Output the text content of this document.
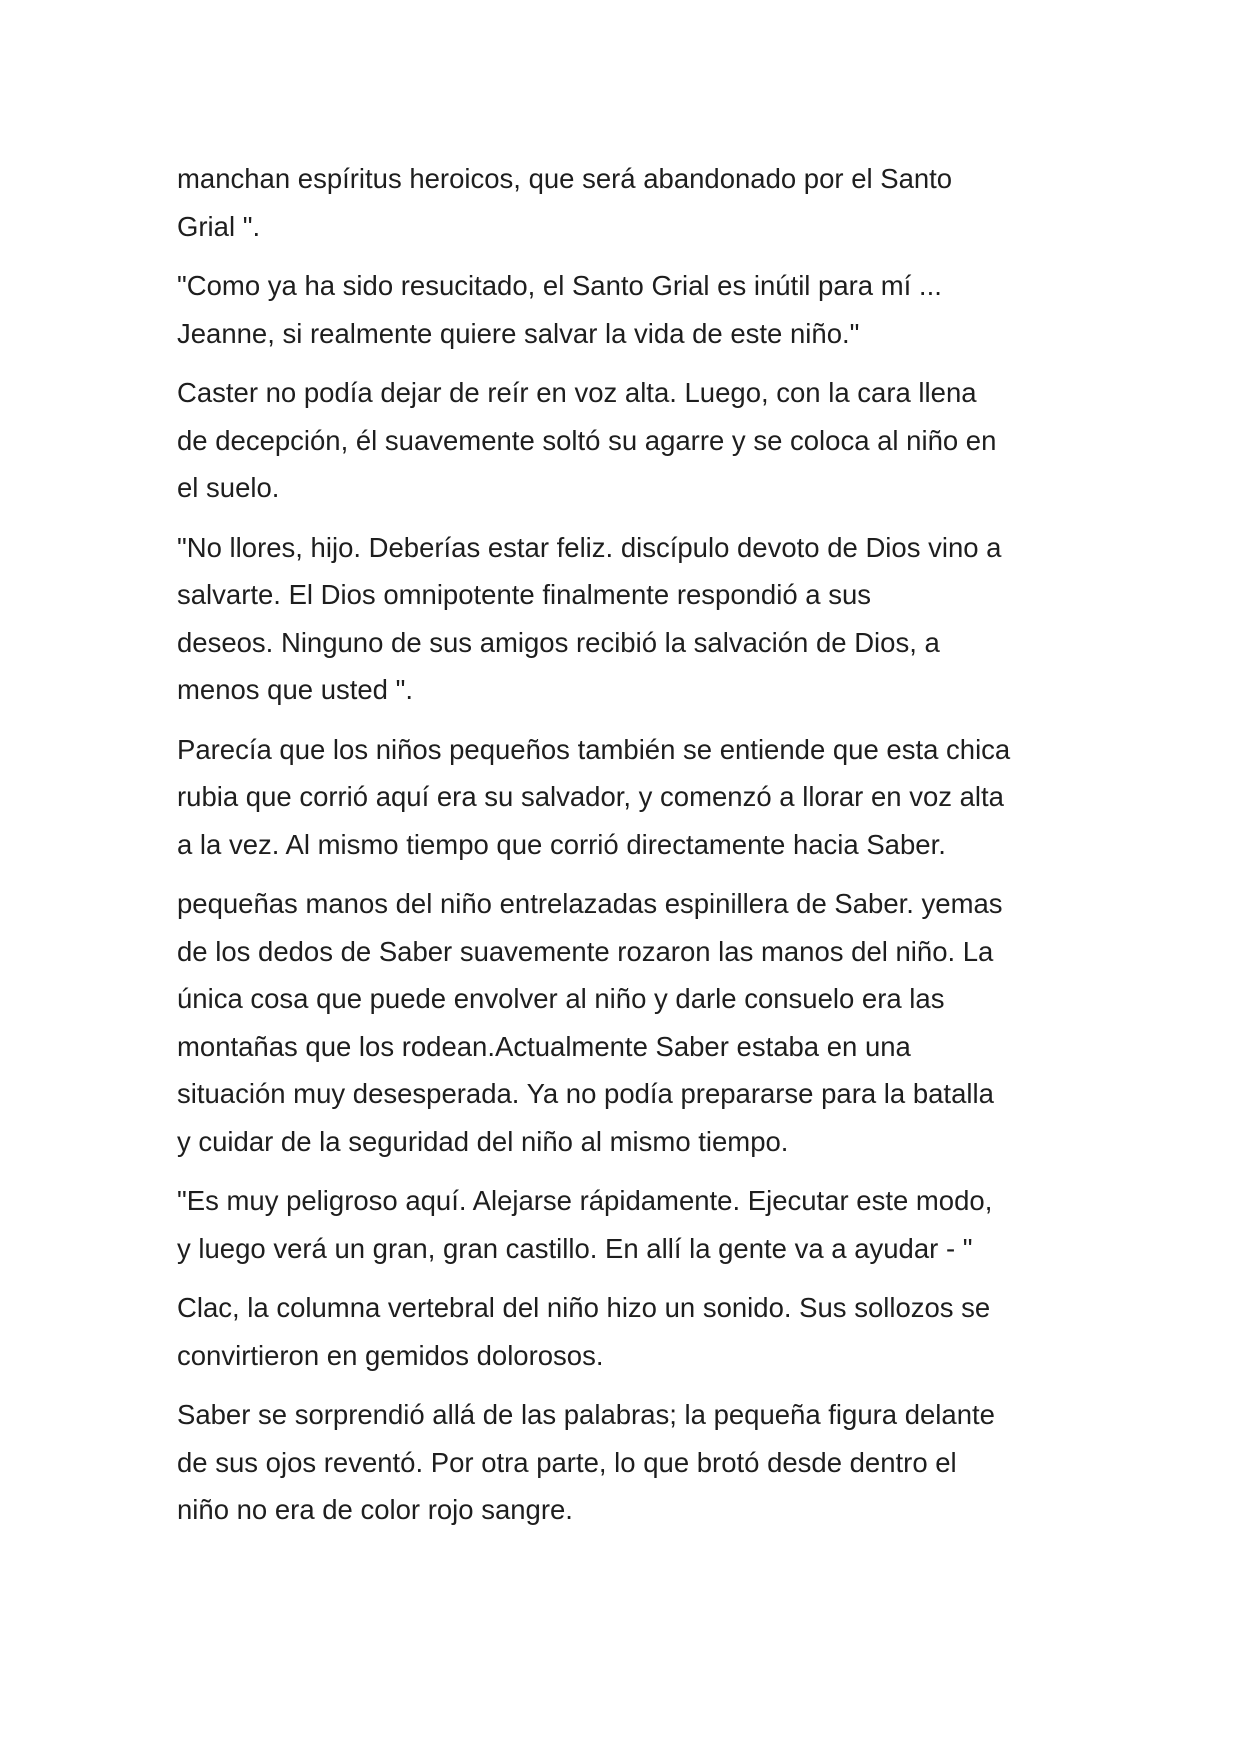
manchan espíritus heroicos, que será abandonado por el Santo
Grial ".

"Como ya ha sido resucitado, el Santo Grial es inútil para mí ...
Jeanne, si realmente quiere salvar la vida de este niño."

Caster no podía dejar de reír en voz alta. Luego, con la cara llena
de decepción, él suavemente soltó su agarre y se coloca al niño en
el suelo.

"No llores, hijo. Deberías estar feliz. discípulo devoto de Dios vino a
salvarte. El Dios omnipotente finalmente respondió a sus
deseos. Ninguno de sus amigos recibió la salvación de Dios, a
menos que usted ".

Parecía que los niños pequeños también se entiende que esta chica
rubia que corrió aquí era su salvador, y comenzó a llorar en voz alta
a la vez. Al mismo tiempo que corrió directamente hacia Saber.

pequeñas manos del niño entrelazadas espinillera de Saber. yemas
de los dedos de Saber suavemente rozaron las manos del niño. La
única cosa que puede envolver al niño y darle consuelo era las
montañas que los rodean.Actualmente Saber estaba en una
situación muy desesperada. Ya no podía prepararse para la batalla
y cuidar de la seguridad del niño al mismo tiempo.

"Es muy peligroso aquí. Alejarse rápidamente. Ejecutar este modo,
y luego verá un gran, gran castillo. En allí la gente va a ayudar - "

Clac, la columna vertebral del niño hizo un sonido. Sus sollozos se
convirtieron en gemidos dolorosos.

Saber se sorprendió allá de las palabras; la pequeña figura delante
de sus ojos reventó. Por otra parte, lo que brotó desde dentro el
niño no era de color rojo sangre.
